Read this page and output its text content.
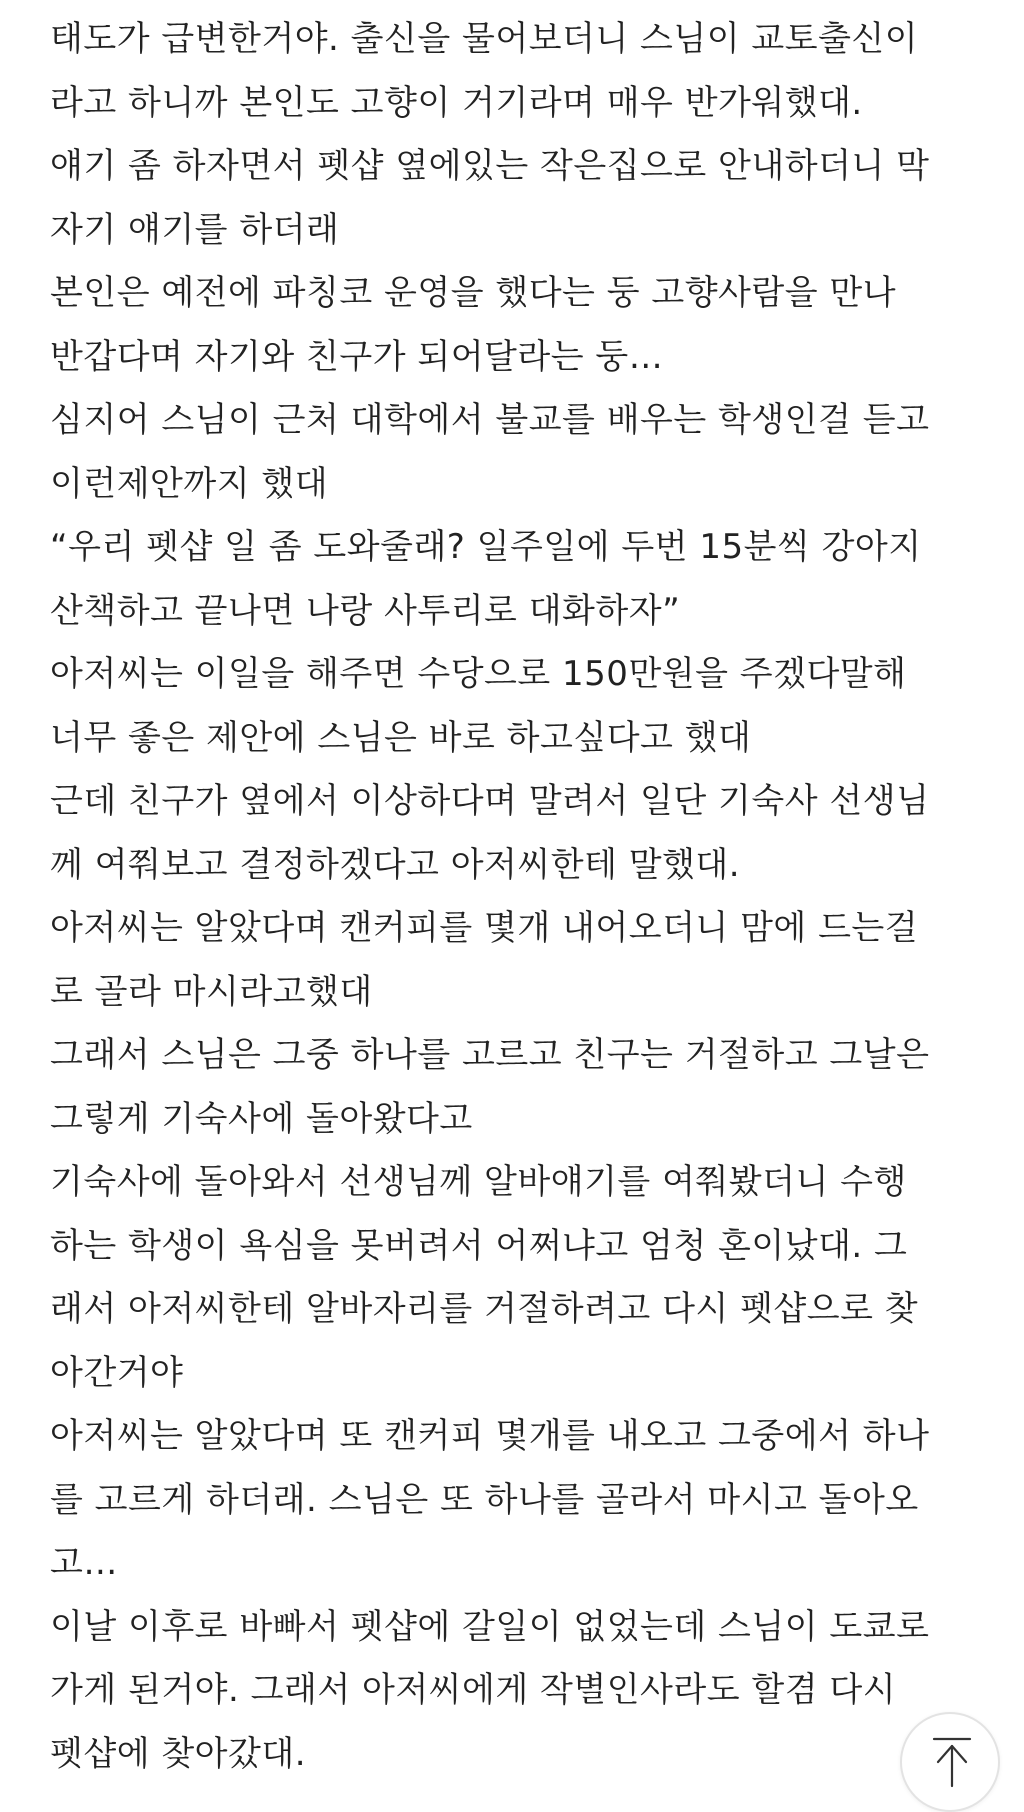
태도가 급변한거야. 출신을 물어보더니 스님이 교토출신이
라고 하니까 본인도 고향이 거기라며 매우 반가워했대.
얘기 좀 하자면서 펫샵 옆에있는 작은집으로 안내하더니 막
자기 얘기를 하더래
본인은 예전에 파칭코 운영을 했다는 둥 고향사람을 만나
반갑다며 자기와 친구가 되어달라는 둥…
심지어 스님이 근처 대학에서 불교를 배우는 학생인걸 듣고
이런제안까지 했대
“우리 펫샵 일 좀 도와줄래? 일주일에 두번 15분씩 강아지
산책하고 끝나면 나랑 사투리로 대화하자”
아저씨는 이일을 해주면 수당으로 150만원을 주겠다말해
너무 좋은 제안에 스님은 바로 하고싶다고 했대
근데 친구가 옆에서 이상하다며 말려서 일단 기숙사 선생님
께 여쭤보고 결정하겠다고 아저씨한테 말했대.
아저씨는 알았다며 캔커피를 몇개 내어오더니 맘에 드는걸
로 골라 마시라고했대
그래서 스님은 그중 하나를 고르고 친구는 거절하고 그날은
그렇게 기숙사에 돌아왔다고
기숙사에 돌아와서 선생님께 알바얘기를 여쭤봤더니 수행
하는 학생이 욕심을 못버려서 어쩌냐고 엄청 혼이났대. 그
래서 아저씨한테 알바자리를 거절하려고 다시 펫샵으로 찾
아간거야
아저씨는 알았다며 또 캔커피 몇개를 내오고 그중에서 하나
를 고르게 하더래. 스님은 또 하나를 골라서 마시고 돌아오
고…
이날 이후로 바빠서 펫샵에 갈일이 없었는데 스님이 도쿄로
가게 된거야. 그래서 아저씨에게 작별인사라도 할겸 다시
펫샵에 찾아갔대.
